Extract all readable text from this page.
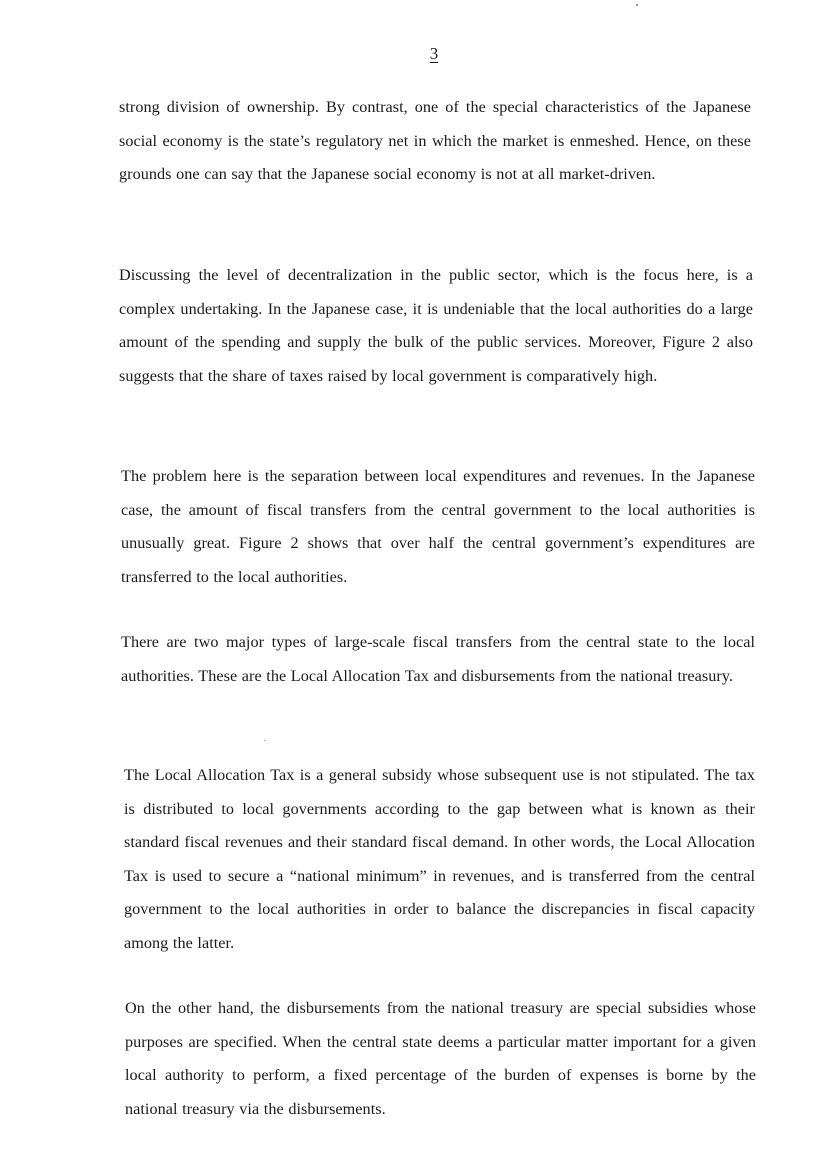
3

strong division of ownership. By contrast, one of the special characteristics of the Japanese social economy is the state’s regulatory net in which the market is enmeshed. Hence, on these grounds one can say that the Japanese social economy is not at all market-driven.

Discussing the level of decentralization in the public sector, which is the focus here, is a complex undertaking. In the Japanese case, it is undeniable that the local authorities do a large amount of the spending and supply the bulk of the public services. Moreover, Figure 2 also suggests that the share of taxes raised by local government is comparatively high.

The problem here is the separation between local expenditures and revenues. In the Japanese case, the amount of fiscal transfers from the central government to the local authorities is unusually great. Figure 2 shows that over half the central government’s expenditures are transferred to the local authorities.

There are two major types of large-scale fiscal transfers from the central state to the local authorities. These are the Local Allocation Tax and disbursements from the national treasury.

The Local Allocation Tax is a general subsidy whose subsequent use is not stipulated. The tax is distributed to local governments according to the gap between what is known as their standard fiscal revenues and their standard fiscal demand. In other words, the Local Allocation Tax is used to secure a “national minimum” in revenues, and is transferred from the central government to the local authorities in order to balance the discrepancies in fiscal capacity among the latter.

On the other hand, the disbursements from the national treasury are special subsidies whose purposes are specified. When the central state deems a particular matter important for a given local authority to perform, a fixed percentage of the burden of expenses is borne by the national treasury via the disbursements.
